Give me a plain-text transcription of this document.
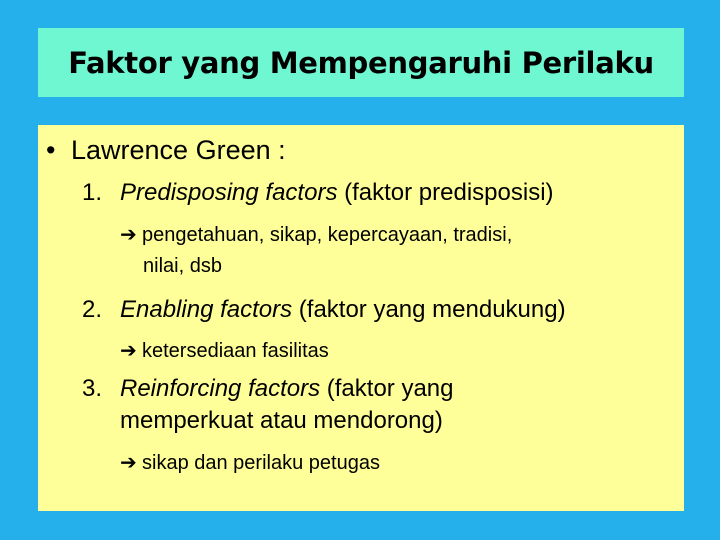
Faktor yang Mempengaruhi Perilaku
• Lawrence Green :
1. Predisposing factors (faktor predisposisi)
➔ pengetahuan, sikap, kepercayaan, tradisi,
nilai, dsb
2. Enabling factors (faktor yang mendukung)
➔ ketersediaan fasilitas
3. Reinforcing factors (faktor yang
memperkuat atau mendorong)
➔ sikap dan perilaku petugas
